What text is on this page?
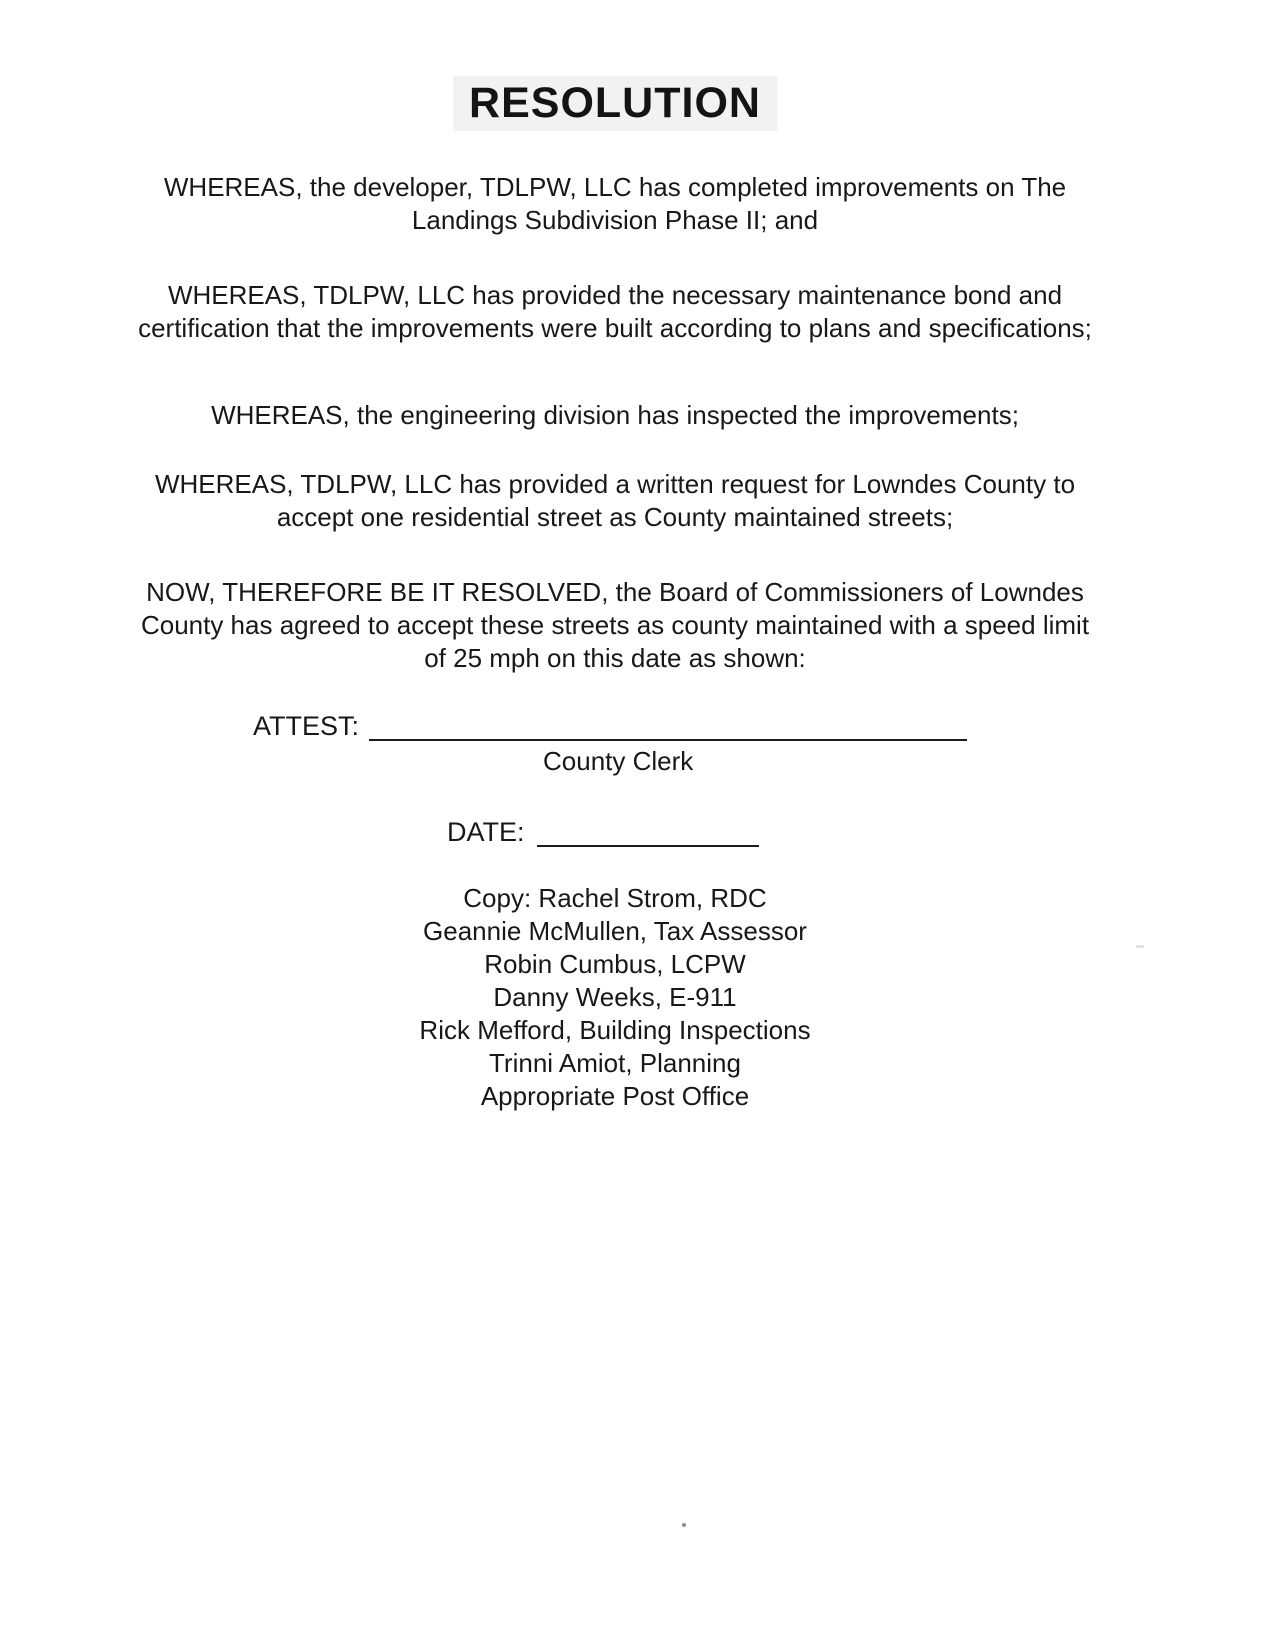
RESOLUTION

WHEREAS, the developer, TDLPW, LLC has completed improvements on The Landings Subdivision Phase II; and

WHEREAS, TDLPW, LLC has provided the necessary maintenance bond and certification that the improvements were built according to plans and specifications;

WHEREAS, the engineering division has inspected the improvements;

WHEREAS, TDLPW, LLC has provided a written request for Lowndes County to accept one residential street as County maintained streets;

NOW, THEREFORE BE IT RESOLVED, the Board of Commissioners of Lowndes County has agreed to accept these streets as county maintained with a speed limit of 25 mph on this date as shown:

ATTEST:
County Clerk
DATE:

Copy: Rachel Strom, RDC

Geannie McMullen, Tax Assessor

Robin Cumbus, LCPW

Danny Weeks, E-911

Rick Mefford, Building Inspections

Trinni Amiot, Planning

Appropriate Post Office
